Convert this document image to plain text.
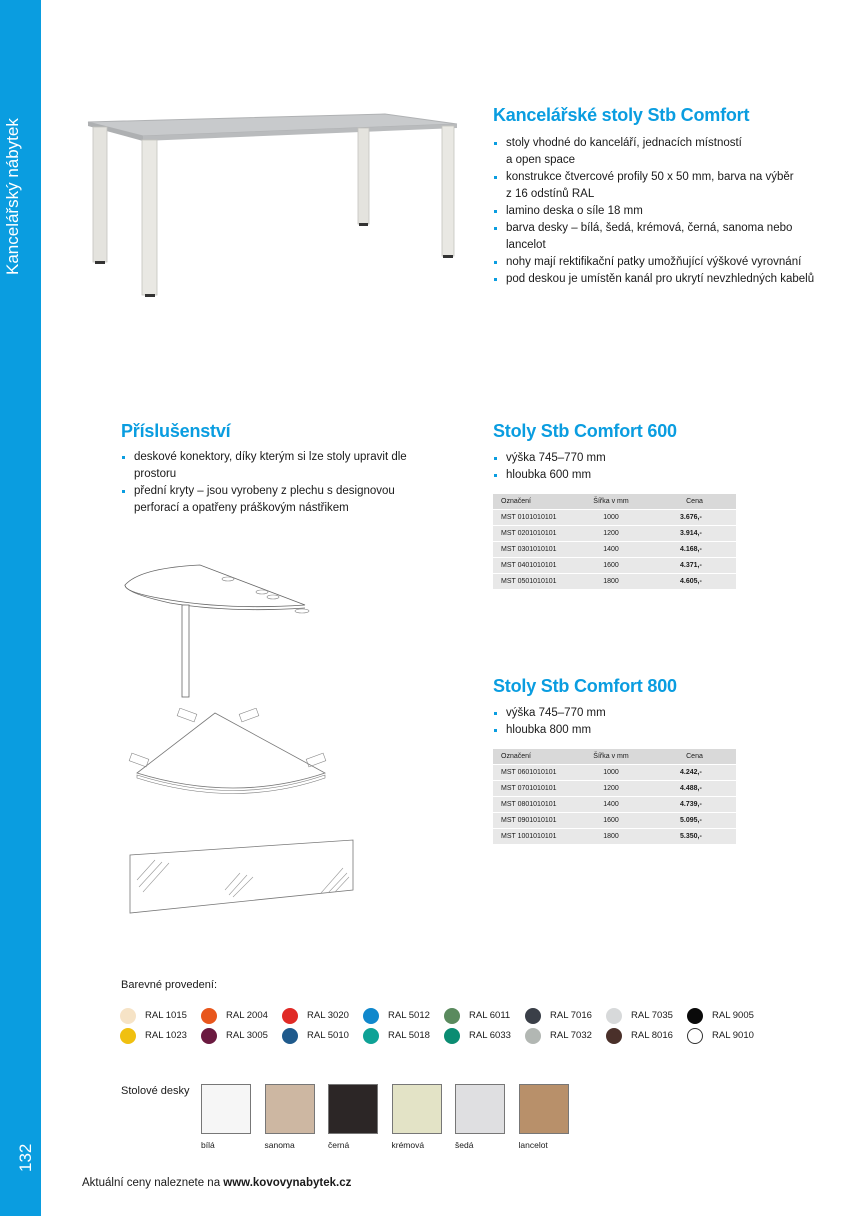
Kancelářský nábytek
132
Kancelářské stoly Stb Comfort
stoly vhodné do kanceláří, jednacích místností
a open space
konstrukce čtvercové profily 50 x 50 mm, barva na výběr
z 16 odstínů RAL
lamino deska o síle 18 mm
barva desky – bílá, šedá, krémová, černá, sanoma nebo
lancelot
nohy mají rektifikační patky umožňující výškové vyrovnání
pod deskou je umístěn kanál pro ukrytí nevzhledných kabelů
Příslušenství
deskové konektory, díky kterým si lze stoly upravit dle
prostoru
přední kryty – jsou vyrobeny z plechu s designovou
perforací a opatřeny práškovým nástřikem
Stoly Stb Comfort 600
výška 745–770 mm
hloubka 600 mm
Označení	Šířka v mm	Cena
MST 0101010101	1000	3.676,-
MST 0201010101	1200	3.914,-
MST 0301010101	1400	4.168,-
MST 0401010101	1600	4.371,-
MST 0501010101	1800	4.605,-
Stoly Stb Comfort 800
výška 745–770 mm
hloubka 800 mm
Označení	Šířka v mm	Cena
MST 0601010101	1000	4.242,-
MST 0701010101	1200	4.488,-
MST 0801010101	1400	4.739,-
MST 0901010101	1600	5.095,-
MST 1001010101	1800	5.350,-
Barevné provedení:
RAL 1015	RAL 2004	RAL 3020	RAL 5012	RAL 6011	RAL 7016	RAL 7035	RAL 9005
RAL 1023	RAL 3005	RAL 5010	RAL 5018	RAL 6033	RAL 7032	RAL 8016	RAL 9010
Stolové desky
bílá	sanoma	černá	krémová	šedá	lancelot
Aktuální ceny naleznete na www.kovovynabytek.cz
